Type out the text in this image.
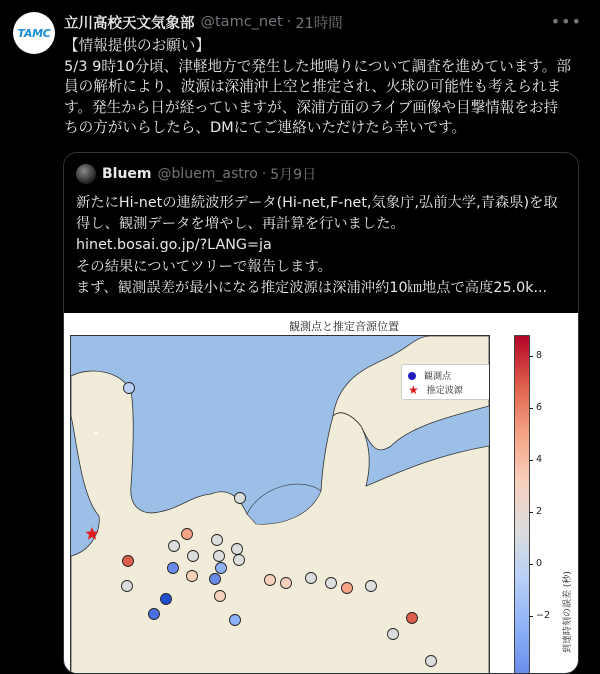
TAMC
立川高校天文気象部 @tamc_net · 21時間	•••
【情報提供のお願い】
5/3 9時10分頃、津軽地方で発生した地鳴りについて調査を進めています。部
員の解析により、波源は深浦沖上空と推定され、火球の可能性も考えられま
す。発生から日が経っていますが、深浦方面のライブ画像や目撃情報をお持
ちの方がいらしたら、DMにてご連絡いただけたら幸いです。
Bluem @bluem_astro · 5月9日
新たにHi-netの連続波形データ(Hi-net,F-net,気象庁,弘前大学,青森県)を取
得し、観測データを増やし、再計算を行いました。
hinet.bosai.go.jp/?LANG=ja
その結果についてツリーで報告します。
まず、観測誤差が最小になる推定波源は深浦沖約10㎞地点で高度25.0k...
観測点と推定音源位置
観測点
★ 推定波源
8
6
4
2
0
−2	到達時刻の誤差 (秒)
